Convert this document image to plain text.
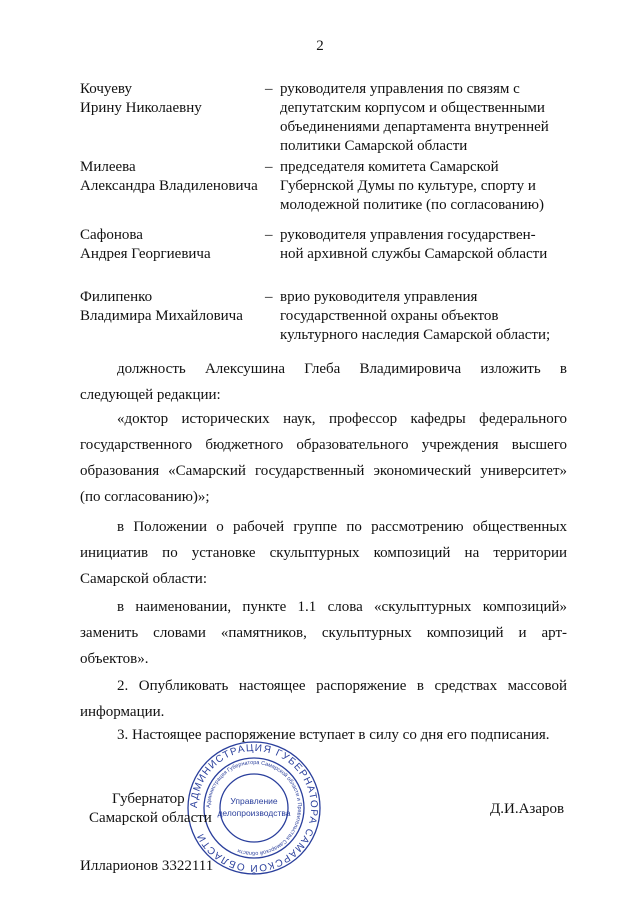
2
Кочуеву
Ирину Николаевну
– руководителя управления по связям с
депутатским корпусом и общественными
объединениями департамента внутренней
политики Самарской области
Милеева
Александра Владиленовича
– председателя комитета Самарской
Губернской Думы по культуре, спорту и
молодежной политике (по согласованию)
Сафонова
Андрея Георгиевича
– руководителя управления государствен-
ной архивной службы Самарской области
Филипенко
Владимира Михайловича
– врио руководителя управления
государственной охраны объектов
культурного наследия Самарской области;
должность Алексушина Глеба Владимировича изложить в
следующей редакции:
«доктор исторических наук, профессор кафедры федерального
государственного бюджетного образовательного учреждения высшего
образования «Самарский государственный экономический университет»
(по согласованию)»;
в Положении о рабочей группе по рассмотрению общественных
инициатив по установке скульптурных композиций на территории
Самарской области:
в наименовании, пункте 1.1 слова «скульптурных композиций»
заменить словами «памятников, скульптурных композиций и арт-
объектов».
2. Опубликовать настоящее распоряжение в средствах массовой
информации.
3. Настоящее распоряжение вступает в силу со дня его подписания.
АДМИНИСТРАЦИЯ ГУБЕРНАТОРА САМАРСКОЙ ОБЛАСТИ
Администрация Губернатора Самарской области и Правительства Самарской области
Управление
делопроизводства
Губернатор
Самарской области
Д.И.Азаров
Илларионов 3322111
